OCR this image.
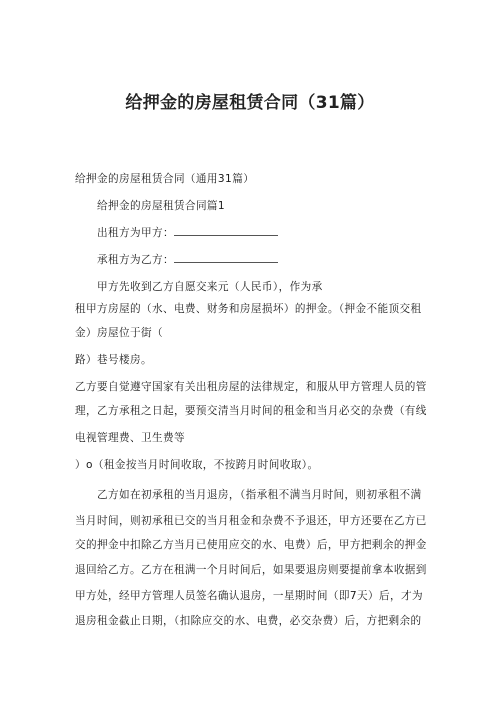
给押金的房屋租赁合同（31篇）
给押金的房屋租赁合同（通用31篇）
给押金的房屋租赁合同篇1
出租方为甲方：
承租方为乙方：
甲方先收到乙方自愿交来元（人民币），作为承
租甲方房屋的（水、电费、财务和房屋损坏）的押金。（押金不能顶交租
金）房屋位于街（
路）巷号楼房。
乙方要自觉遵守国家有关出租房屋的法律规定，和服从甲方管理人员的管
理，乙方承租之日起，要预交清当月时间的租金和当月必交的杂费（有线
电视管理费、卫生费等
）o（租金按当月时间收取，不按跨月时间收取）。
乙方如在初承租的当月退房，（指承租不满当月时间，则初承租不满
当月时间，则初承租已交的当月租金和杂费不予退还，甲方还要在乙方已
交的押金中扣除乙方当月已使用应交的水、电费）后，甲方把剩余的押金
退回给乙方。乙方在租满一个月时间后，如果要退房则要提前拿本收据到
甲方处，经甲方管理人员签名确认退房，一星期时间（即7天）后，才为
退房租金截止日期，（扣除应交的水、电费，必交杂费）后，方把剩余的
